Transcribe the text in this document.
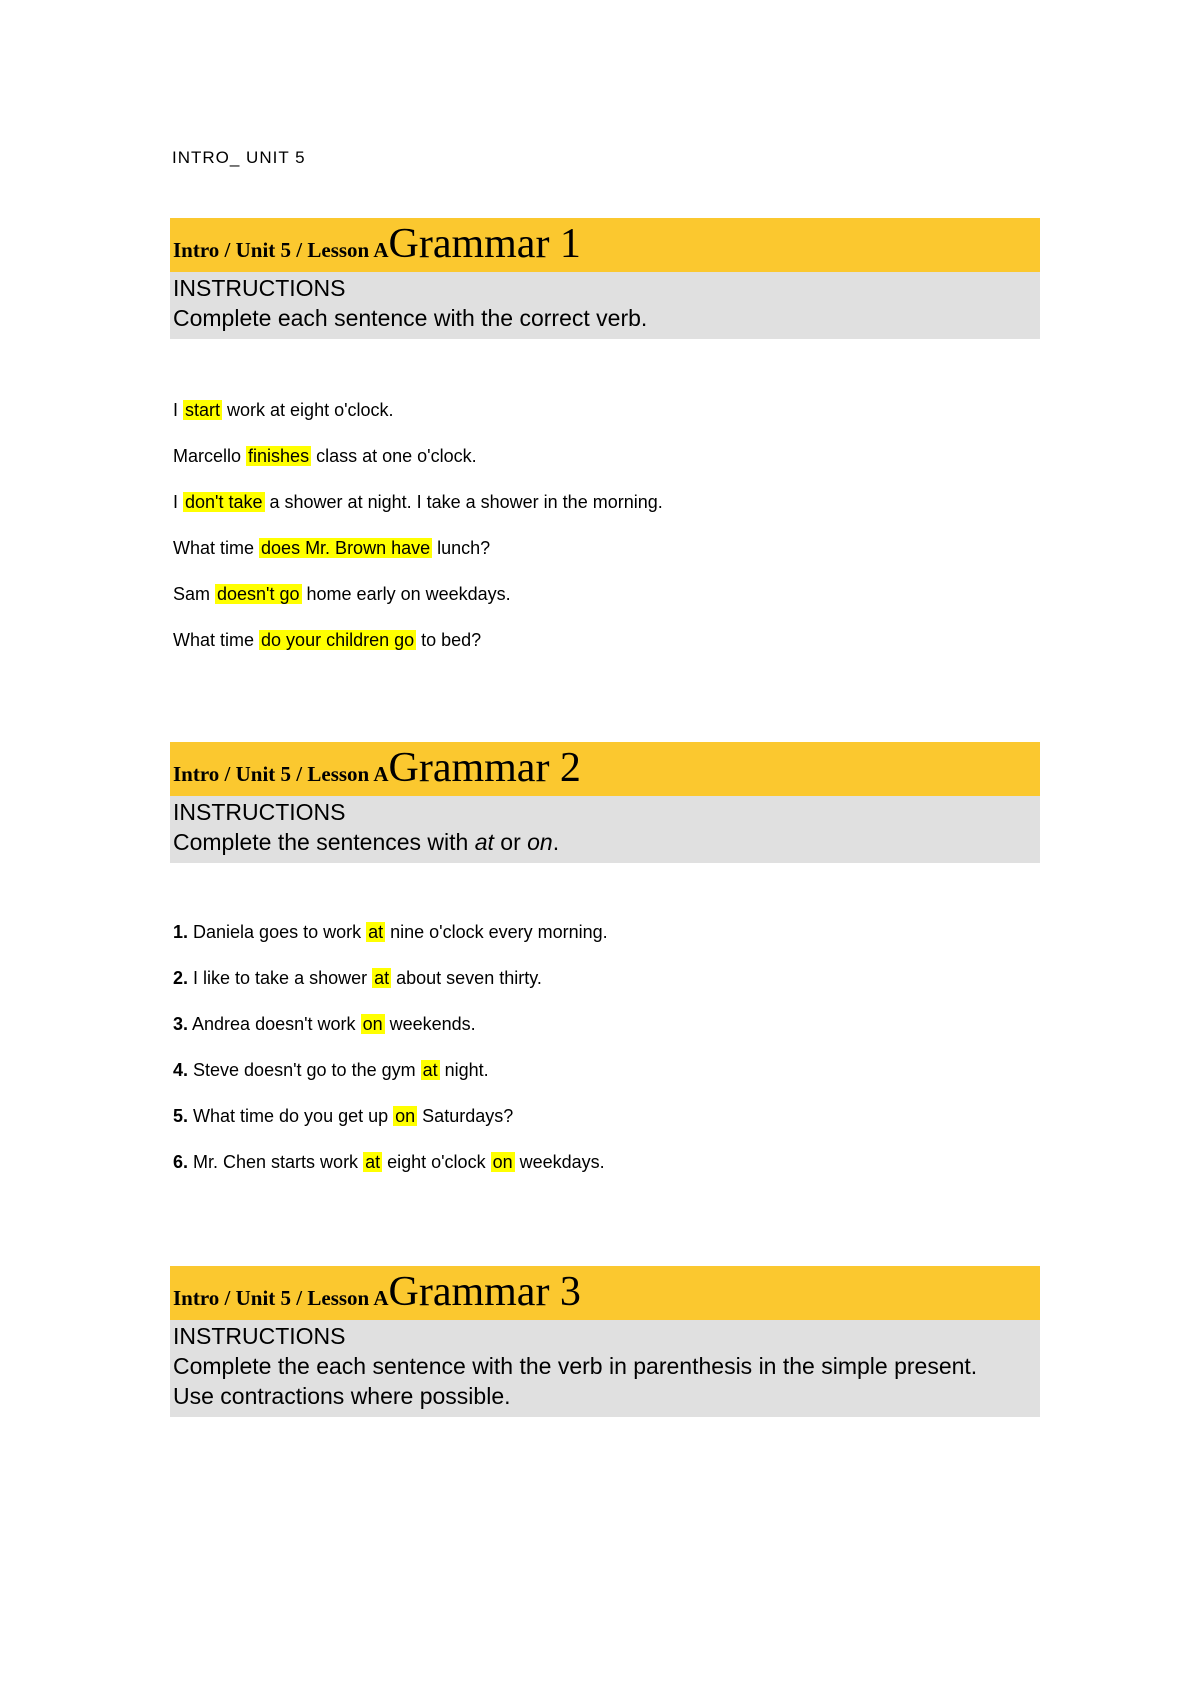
INTRO_ UNIT 5
Intro / Unit 5 / Lesson AGrammar 1
INSTRUCTIONS
Complete each sentence with the correct verb.
I start work at eight o'clock.
Marcello finishes class at one o'clock.
I don't take a shower at night. I take a shower in the morning.
What time does Mr. Brown have lunch?
Sam doesn't go home early on weekdays.
What time do your children go to bed?
Intro / Unit 5 / Lesson AGrammar 2
INSTRUCTIONS
Complete the sentences with at or on.
1. Daniela goes to work at nine o'clock every morning.
2. I like to take a shower at about seven thirty.
3. Andrea doesn't work on weekends.
4. Steve doesn't go to the gym at night.
5. What time do you get up on Saturdays?
6. Mr. Chen starts work at eight o'clock on weekdays.
Intro / Unit 5 / Lesson AGrammar 3
INSTRUCTIONS
Complete the each sentence with the verb in parenthesis in the simple present.
Use contractions where possible.
